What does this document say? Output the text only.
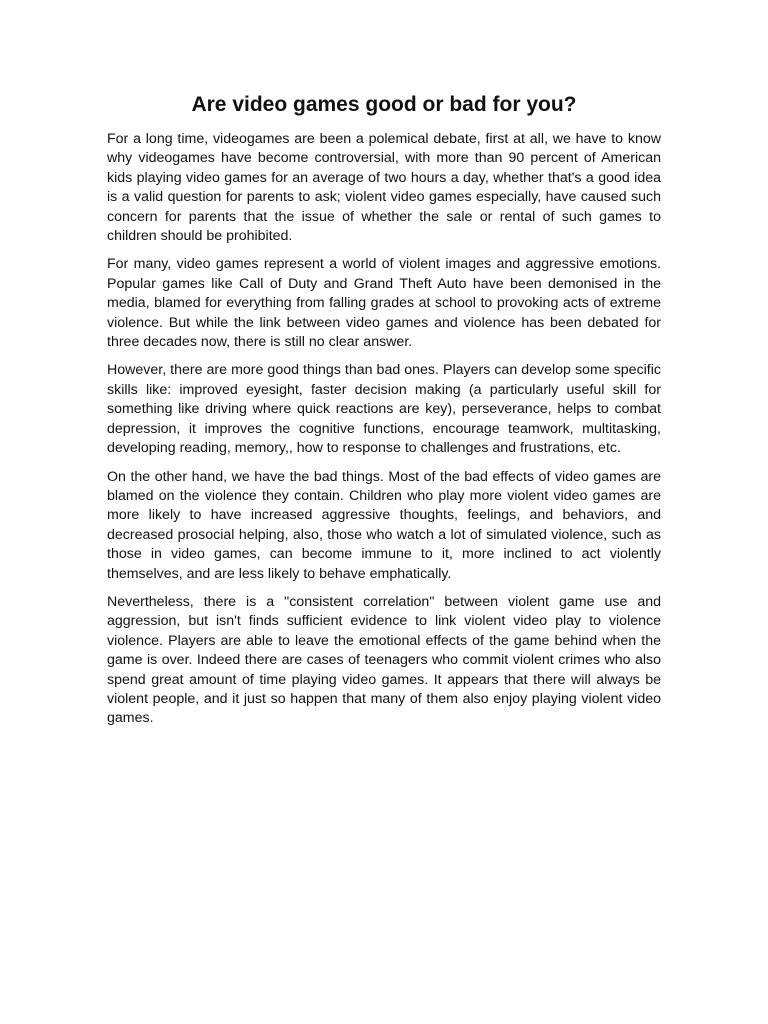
Are video games good or bad for you?

For a long time, videogames are been a polemical debate, first at all, we have to know why videogames have become controversial, with more than 90 percent of American kids playing video games for an average of two hours a day, whether that's a good idea is a valid question for parents to ask; violent video games especially, have caused such concern for parents that the issue of whether the sale or rental of such games to children should be prohibited.

For many, video games represent a world of violent images and aggressive emotions. Popular games like Call of Duty and Grand Theft Auto have been demonised in the media, blamed for everything from falling grades at school to provoking acts of extreme violence. But while the link between video games and violence has been debated for three decades now, there is still no clear answer.

However, there are more good things than bad ones. Players can develop some specific skills like: improved eyesight, faster decision making (a particularly useful skill for something like driving where quick reactions are key), perseverance, helps to combat depression, it improves the cognitive functions, encourage teamwork, multitasking, developing reading, memory,, how to response to challenges and frustrations, etc.

On the other hand, we have the bad things. Most of the bad effects of video games are blamed on the violence they contain. Children who play more violent video games are more likely to have increased aggressive thoughts, feelings, and behaviors, and decreased prosocial helping, also, those who watch a lot of simulated violence, such as those in video games, can become immune to it, more inclined to act violently themselves, and are less likely to behave emphatically.

Nevertheless, there is a "consistent correlation" between violent game use and aggression, but isn't finds sufficient evidence to link violent video play to violence violence. Players are able to leave the emotional effects of the game behind when the game is over. Indeed there are cases of teenagers who commit violent crimes who also spend great amount of time playing video games. It appears that there will always be violent people, and it just so happen that many of them also enjoy playing violent video games.
